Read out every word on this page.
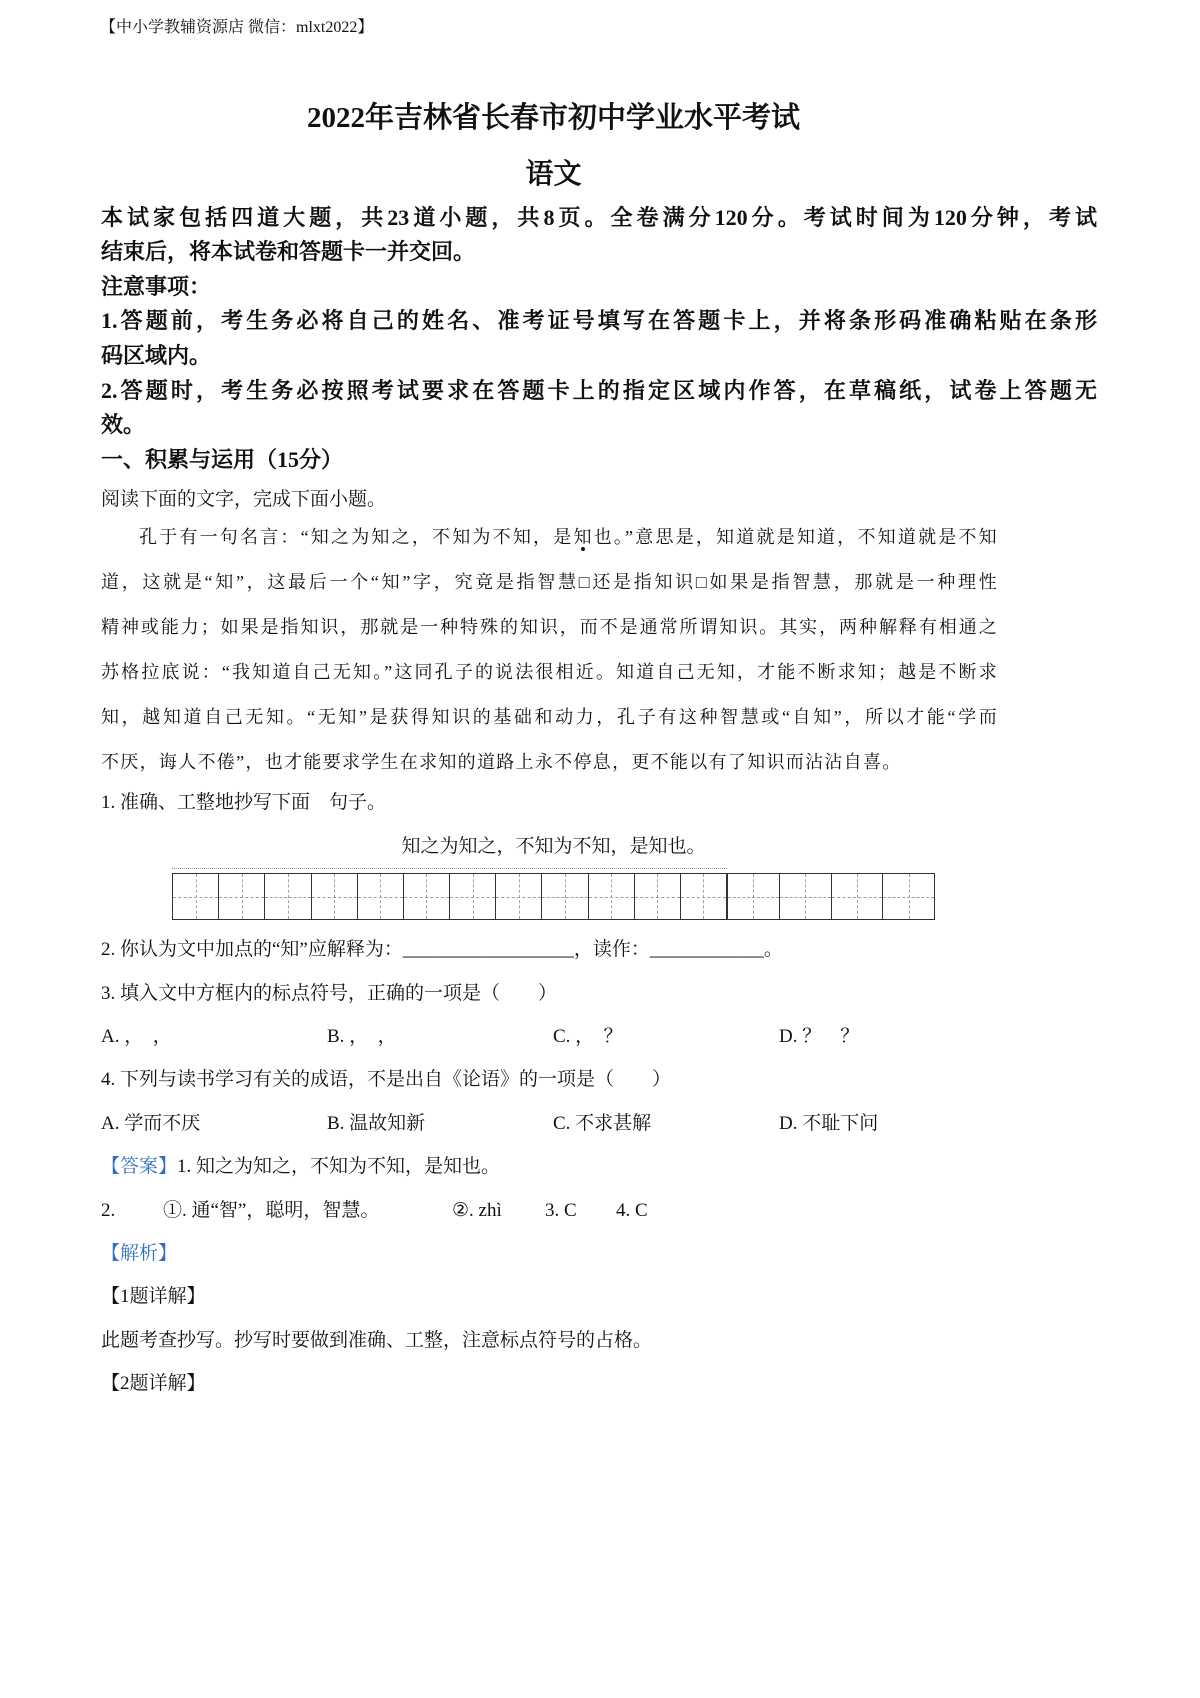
【中小学教辅资源店 微信：mlxt2022】
2022年吉林省长春市初中学业水平考试
语文
本试家包括四道大题，共23道小题，共8页。全卷满分120分。考试时间为120分钟，考试
结束后，将本试卷和答题卡一并交回。
注意事项：
1.答题前，考生务必将自己的姓名、准考证号填写在答题卡上，并将条形码准确粘贴在条形
码区域内。
2.答题时，考生务必按照考试要求在答题卡上的指定区域内作答，在草稿纸，试卷上答题无
效。
一、积累与运用（15分）
阅读下面的文字，完成下面小题。
孔于有一句名言：“知之为知之，不知为不知，是知也。”意思是，知道就是知道，不知道就是不知
道，这就是“知”，这最后一个“知”字，究竟是指智慧□还是指知识□如果是指智慧，那就是一种理性
精神或能力；如果是指知识，那就是一种特殊的知识，而不是通常所谓知识。其实，两种解释有相通之
苏格拉底说：“我知道自己无知。”这同孔子的说法很相近。知道自己无知，才能不断求知；越是不断求
知，越知道自己无知。“无知”是获得知识的基础和动力，孔子有这种智慧或“自知”，所以才能“学而
不厌，诲人不倦”，也才能要求学生在求知的道路上永不停息，更不能以有了知识而沾沾自喜。
1. 准确、工整地抄写下面　句子。
知之为知之，不知为不知，是知也。
2. 你认为文中加点的“知”应解释为：__________________，读作：____________。
3. 填入文中方框内的标点符号，正确的一项是（　　）
A. ，　，	B. ，　，	C. ，　？	D. ？　？
4. 下列与读书学习有关的成语，不是出自《论语》的一项是（　　）
A. 学而不厌	B. 温故知新	C. 不求甚解	D. 不耻下问
【答案】1. 知之为知之，不知为不知，是知也。
2.	①. 通“智”，聪明，智慧。	②. zhì 3. C 4. C
【解析】
【1题详解】
此题考查抄写。抄写时要做到准确、工整，注意标点符号的占格。
【2题详解】
